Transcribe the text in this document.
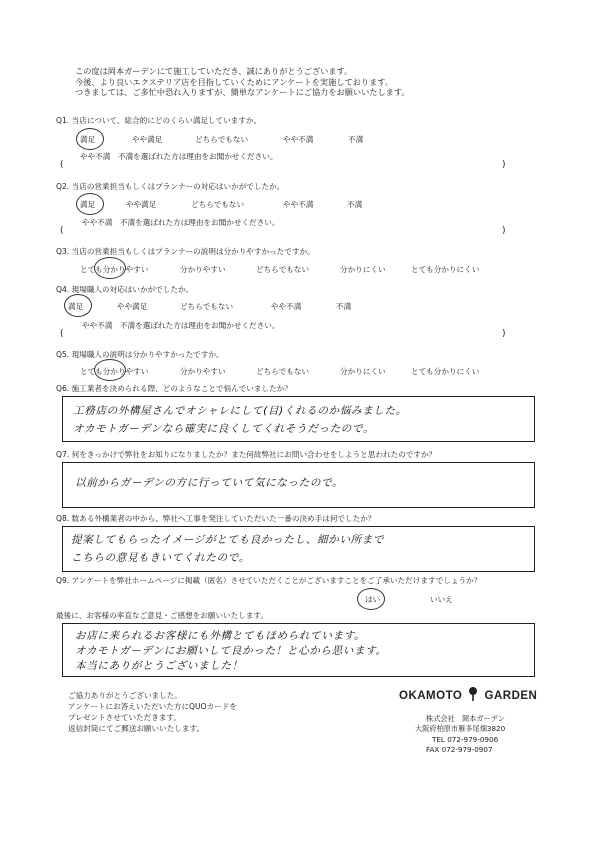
この度は岡本ガーデンにて施工していただき、誠にありがとうございます。
今後、より良いエクステリア店を目指していくためにアンケートを実施しております。
つきましては、ご多忙中恐れ入りますが、簡単なアンケートにご協力をお願いいたします。
Q1. 当店について、総合的にどのくらい満足していますか。
満足	やや満足	どちらでもない	やや不満	不満
やや不満　不満を選ばれた方は理由をお聞かせください。
(	)
Q2. 当店の営業担当もしくはプランナーの対応はいかがでしたか。
満足	やや満足	どちらでもない	やや不満	不満
やや不満　不満を選ばれた方は理由をお聞かせください。
(	)
Q3. 当店の営業担当もしくはプランナーの説明は分かりやすかったですか。
とても分かりやすい	分かりやすい	どちらでもない	分かりにくい	とても分かりにくい
Q4. 現場職人の対応はいかがでしたか。
満足	やや満足	どちらでもない	やや不満	不満
やや不満　不満を選ばれた方は理由をお聞かせください。
(	)
Q5. 現場職人の説明は分かりやすかったですか。
とても分かりやすい	分かりやすい	どちらでもない	分かりにくい	とても分かりにくい
Q6. 施工業者を決められる際、どのようなことで悩んでいましたか？
工務店の外構屋さんでオシャレにして(目)くれるのか悩みました。
オカモトガーデンなら確実に良くしてくれそうだったので。
Q7. 何をきっかけで弊社をお知りになりましたか？また何故弊社にお問い合わせをしようと思われたのですか？
以前からガーデンの方に行っていて気になったので。
Q8. 数ある外構業者の中から、弊社へ工事を発注していただいた一番の決め手は何でしたか？
提案してもらったイメージがとても良かったし、細かい所まで
こちらの意見もきいてくれたので。
Q9. アンケートを弊社ホームページに掲載（匿名）させていただくことがございますことをご了承いただけますでしょうか？
はい	いいえ
最後に、お客様の率直なご意見・ご感想をお願いいたします。
お店に来られるお客様にも外構とてもほめられています。
オカモトガーデンにお願いして良かった！と心から思います。
本当にありがとうございました！
ご協力ありがとうございました。
アンケートにお答えいただいた方にQUOカードを
プレゼントさせていただきます。
返信封筒にてご郵送お願いいたします。
OKAMOTO GARDEN
株式会社　岡本ガーデン
大阪府柏原市雁多尾畑3820
TEL 072-979-0906
FAX 072-979-0907
